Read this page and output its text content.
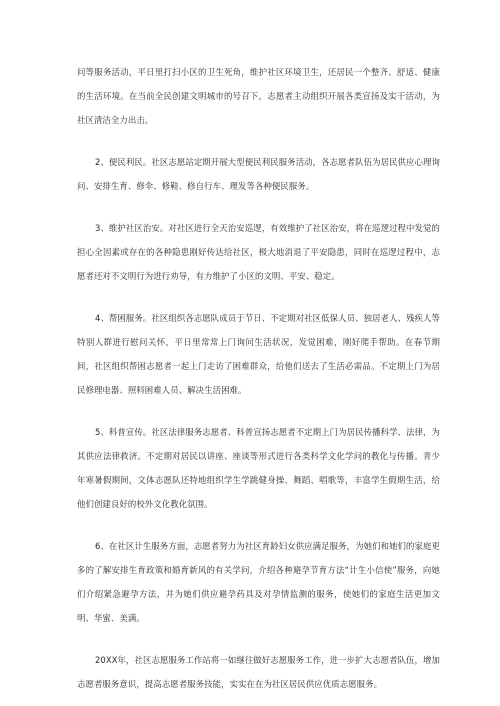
问等服务活动，平日里打扫小区的卫生死角，维护社区环境卫生，还居民一个整齐、舒适、健康的生活环境。在当前全民创建文明城市的号召下，志愿者主动组织开展各类宣扬及实干活动，为社区清洁全力出击。

2、便民利民。社区志愿站定期开展大型便民利民服务活动，各志愿者队伍为居民供应心理询问、安排生育、修伞、修鞋、修自行车、理发等各种便民服务。

3、维护社区治安。对社区进行全天治安巡逻，有效维护了社区治安，将在巡逻过程中发觉的担心全因素或存在的各种隐患刚好传达给社区，极大地消退了平安隐患，同时在巡逻过程中，志愿者还对不文明行为进行劝导，有力维护了小区的文明、平安、稳定。

4、帮困服务。社区组织各志愿队成员于节日、不定期对社区低保人员、独居老人、残疾人等特别人群进行慰问关怀，平日里常常上门询问生活状况，发觉困难，刚好爬手帮助。在春节期间，社区组织帮困志愿者一起上门走访了困难群众，给他们送去了生活必需品。不定期上门为居民修理电器、照料困难人员、解决生活困难。

5、科普宣传。社区法律服务志愿者、科普宣扬志愿者不定期上门为居民传播科学、法律，为其供应法律救济。不定期对居民以讲座、座谈等形式进行各类科学文化学问的教化与传播。青少年寒暑假期间，文体志愿队还特地组织学生学跳健身操、舞蹈、唱歌等，丰富学生假期生活，给他们创建良好的校外文化教化氛围。

6、在社区计生服务方面，志愿者努力为社区育龄妇女供应满足服务，为她们和她们的家庭更多的了解安排生育政策和婚育新风的有关学问，介绍各种避孕节育方法“计生小信使”服务，向她们介绍紧急避孕方法，并为她们供应避孕药具及对孕情监测的服务，使她们的家庭生活更加文明、华蜜、美满。

20XX年，社区志愿服务工作站将一如继往做好志愿服务工作，进一步扩大志愿者队伍，增加志愿者服务意识，提高志愿者服务技能，实实在在为社区居民供应优质志愿服务。
